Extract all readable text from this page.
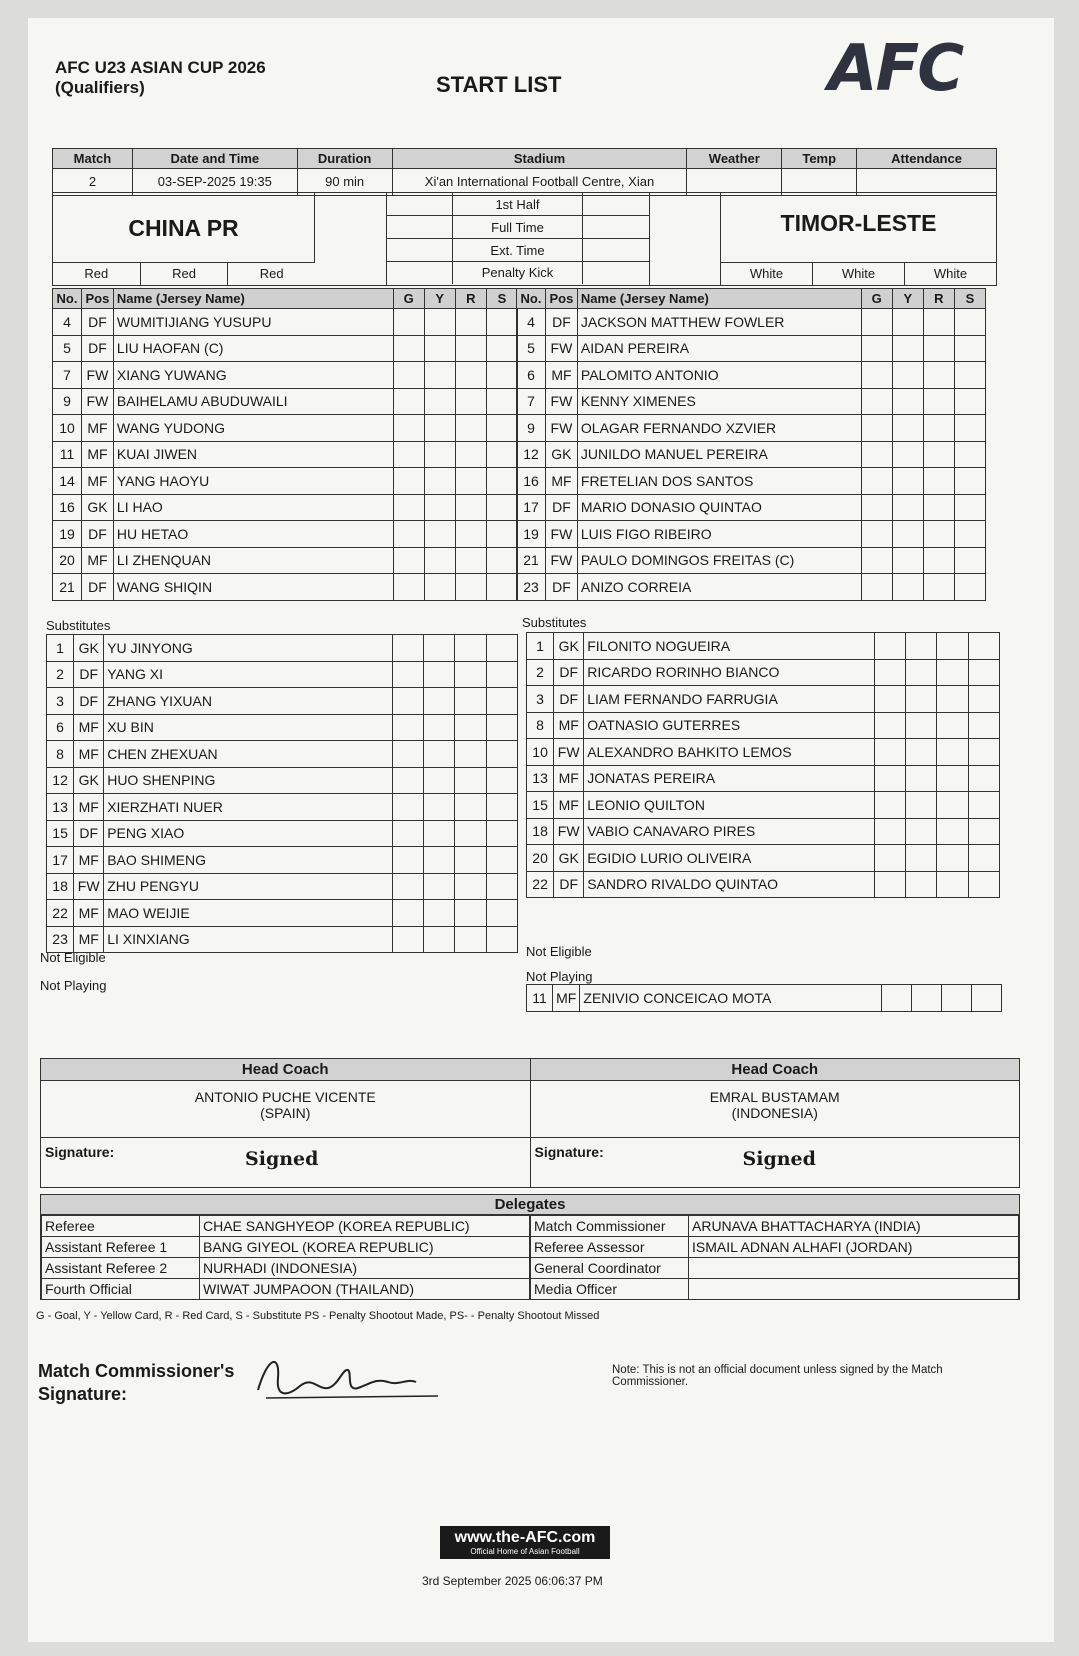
AFC U23 ASIAN CUP 2026
(Qualifiers)	START LIST	AFC
Match	Date and Time	Duration	Stadium	Weather	Temp	Attendance
2	03-SEP-2025 19:35	90 min	Xi'an International Football Centre, Xian			
CHINA PR
Red	Red	Red
1st Half
Full Time
Ext. Time
Penalty Kick
TIMOR-LESTE
White	White	White
Substitutes	Substitutes
Not Eligible
Not Playing
Not Eligible
Not Playing
Head Coach
ANTONIO PUCHE VICENTE
(SPAIN)
Head Coach
EMRAL BUSTAMAM
(INDONESIA)
Signature:	Signed	Signature:	Signed
Delegates
Referee	CHAE SANGHYEOP (KOREA REPUBLIC)
Assistant Referee 1	BANG GIYEOL (KOREA REPUBLIC)
Assistant Referee 2	NURHADI (INDONESIA)
Fourth Official	WIWAT JUMPAOON (THAILAND)
Match Commissioner	ARUNAVA BHATTACHARYA (INDIA)
Referee Assessor	ISMAIL ADNAN ALHAFI (JORDAN)
General Coordinator	
Media Officer	
G - Goal, Y - Yellow Card, R - Red Card, S - Substitute PS - Penalty Shootout Made, PS- - Penalty Shootout Missed
Match Commissioner's
Signature:
Note: This is not an official document unless signed by the Match Commissioner.
www.the-AFC.com
Official Home of Asian Football
3rd September 2025 06:06:37 PM
No.	Pos	Name (Jersey Name)	G	Y	R	S
4	DF	WUMITIJIANG YUSUPU				
5	DF	LIU HAOFAN (C)				
7	FW	XIANG YUWANG				
9	FW	BAIHELAMU ABUDUWAILI				
10	MF	WANG YUDONG				
11	MF	KUAI JIWEN				
14	MF	YANG HAOYU				
16	GK	LI HAO				
19	DF	HU HETAO				
20	MF	LI ZHENQUAN				
21	DF	WANG SHIQIN				
No.	Pos	Name (Jersey Name)	G	Y	R	S
4	DF	JACKSON MATTHEW FOWLER				
5	FW	AIDAN PEREIRA				
6	MF	PALOMITO ANTONIO				
7	FW	KENNY XIMENES				
9	FW	OLAGAR FERNANDO XZVIER				
12	GK	JUNILDO MANUEL PEREIRA				
16	MF	FRETELIAN DOS SANTOS				
17	DF	MARIO DONASIO QUINTAO				
19	FW	LUIS FIGO RIBEIRO				
21	FW	PAULO DOMINGOS FREITAS (C)				
23	DF	ANIZO CORREIA				
1	GK	YU JINYONG				
2	DF	YANG XI				
3	DF	ZHANG YIXUAN				
6	MF	XU BIN				
8	MF	CHEN ZHEXUAN				
12	GK	HUO SHENPING				
13	MF	XIERZHATI NUER				
15	DF	PENG XIAO				
17	MF	BAO SHIMENG				
18	FW	ZHU PENGYU				
22	MF	MAO WEIJIE				
23	MF	LI XINXIANG				
1	GK	FILONITO NOGUEIRA				
2	DF	RICARDO RORINHO BIANCO				
3	DF	LIAM FERNANDO FARRUGIA				
8	MF	OATNASIO GUTERRES				
10	FW	ALEXANDRO BAHKITO LEMOS				
13	MF	JONATAS PEREIRA				
15	MF	LEONIO QUILTON				
18	FW	VABIO CANAVARO PIRES				
20	GK	EGIDIO LURIO OLIVEIRA				
22	DF	SANDRO RIVALDO QUINTAO				
11	MF	ZENIVIO CONCEICAO MOTA				
